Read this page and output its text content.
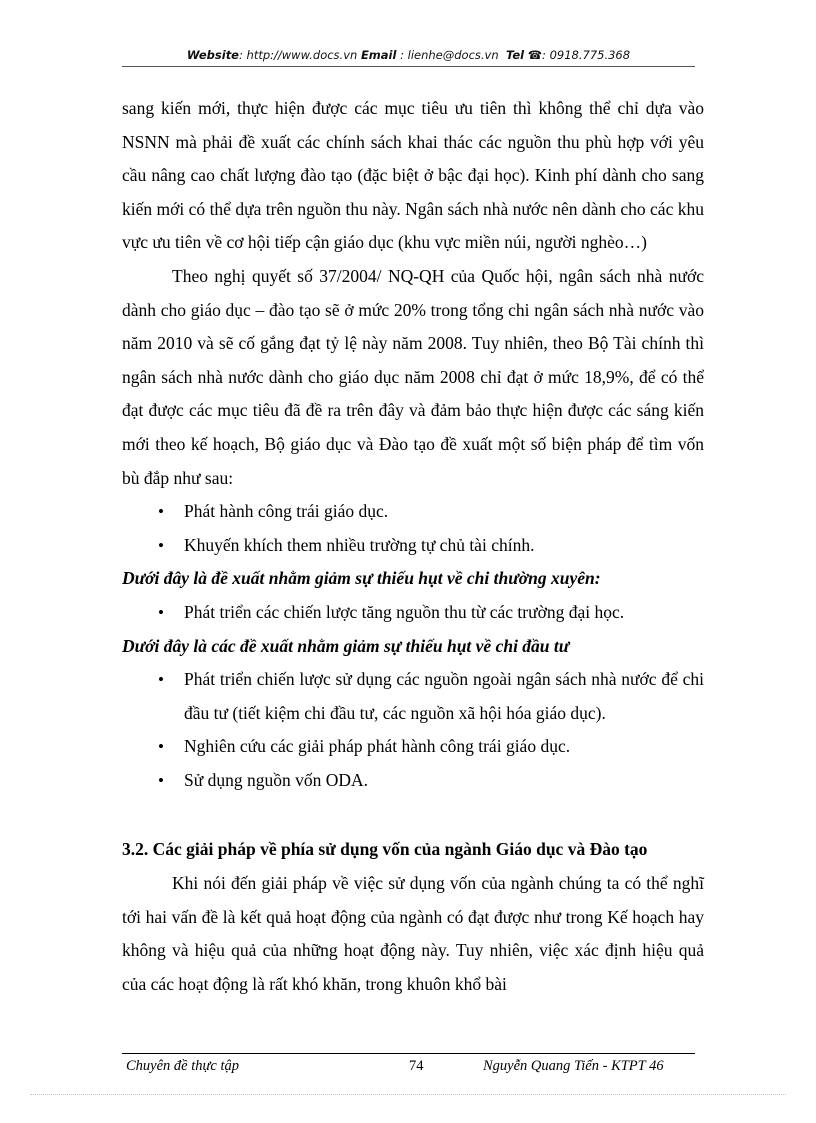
Website: http://www.docs.vn Email : lienhe@docs.vn Tel ☎: 0918.775.368

sang kiến mới, thực hiện được các mục tiêu ưu tiên thì không thể chỉ dựa vào NSNN mà phải đề xuất các chính sách khai thác các nguồn thu phù hợp với yêu cầu nâng cao chất lượng đào tạo (đặc biệt ở bậc đại học). Kinh phí dành cho sang kiến mới có thể dựa trên nguồn thu này. Ngân sách nhà nước nên dành cho các khu vực ưu tiên về cơ hội tiếp cận giáo dục (khu vực miền núi, người nghèo…)

Theo nghị quyết số 37/2004/ NQ-QH của Quốc hội, ngân sách nhà nước dành cho giáo dục – đào tạo sẽ ở mức 20% trong tổng chi ngân sách nhà nước vào năm 2010 và sẽ cố gắng đạt tỷ lệ này năm 2008. Tuy nhiên, theo Bộ Tài chính thì ngân sách nhà nước dành cho giáo dục năm 2008 chỉ đạt ở mức 18,9%, để có thể đạt được các mục tiêu đã đề ra trên đây và đảm bảo thực hiện được các sáng kiến mới theo kế hoạch, Bộ giáo dục và Đào tạo đề xuất một số biện pháp để tìm vốn bù đắp như sau:

• Phát hành công trái giáo dục.
• Khuyến khích them nhiều trường tự chủ tài chính.

Dưới đây là đề xuất nhằm giảm sự thiếu hụt về chi thường xuyên:

• Phát triển các chiến lược tăng nguồn thu từ các trường đại học.

Dưới đây là các đề xuất nhằm giảm sự thiếu hụt về chi đầu tư

• Phát triển chiến lược sử dụng các nguồn ngoài ngân sách nhà nước để chi đầu tư (tiết kiệm chi đầu tư, các nguồn xã hội hóa giáo dục).
• Nghiên cứu các giải pháp phát hành công trái giáo dục.
• Sử dụng nguồn vốn ODA.

3.2. Các giải pháp về phía sử dụng vốn của ngành Giáo dục và Đào tạo

Khi nói đến giải pháp về việc sử dụng vốn của ngành chúng ta có thể nghĩ tới hai vấn đề là kết quả hoạt động của ngành có đạt được như trong Kế hoạch hay không và hiệu quả của những hoạt động này. Tuy nhiên, việc xác định hiệu quả của các hoạt động là rất khó khăn, trong khuôn khổ bài

Chuyên đề thực tập	74	Nguyễn Quang Tiến - KTPT 46
